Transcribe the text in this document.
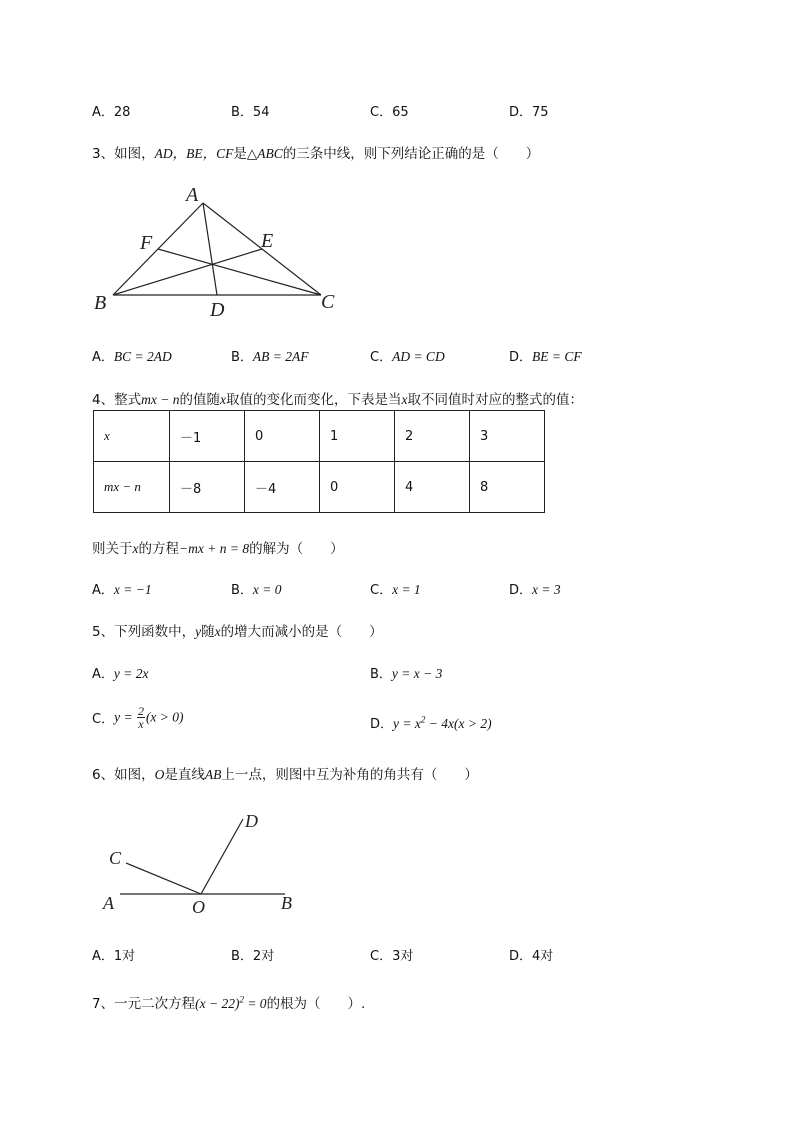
A．28	B．54	C．65	D．75
3、如图，AD，BE，CF是△ABC的三条中线，则下列结论正确的是（　　）
A
B	C
D
E
F
A．BC = 2AD	B．AB = 2AF	C．AD = CD	D．BE = CF
4、整式mx − n的值随x取值的变化而变化，下表是当x取不同值时对应的整式的值：
x	－1	0	1	2	3
mx − n	－8	－4	0	4	8
则关于x的方程−mx + n = 8的解为（　　）
A．x = −1	B．x = 0	C．x = 1	D．x = 3
5、下列函数中，y随x的增大而减小的是（　　）
A．y = 2x	B．y = x − 3
C．$y = \frac{2}{x} (x > 0)$	D．$y = x^2 - 4x(x > 2)$
6、如图，O是直线AB上一点，则图中互为补角的角共有（　　）
A	B
C
D
O
A．1对	B．2对	C．3对	D．4对
7、一元二次方程$(x - 22)^2 = 0$的根为（　　）.
